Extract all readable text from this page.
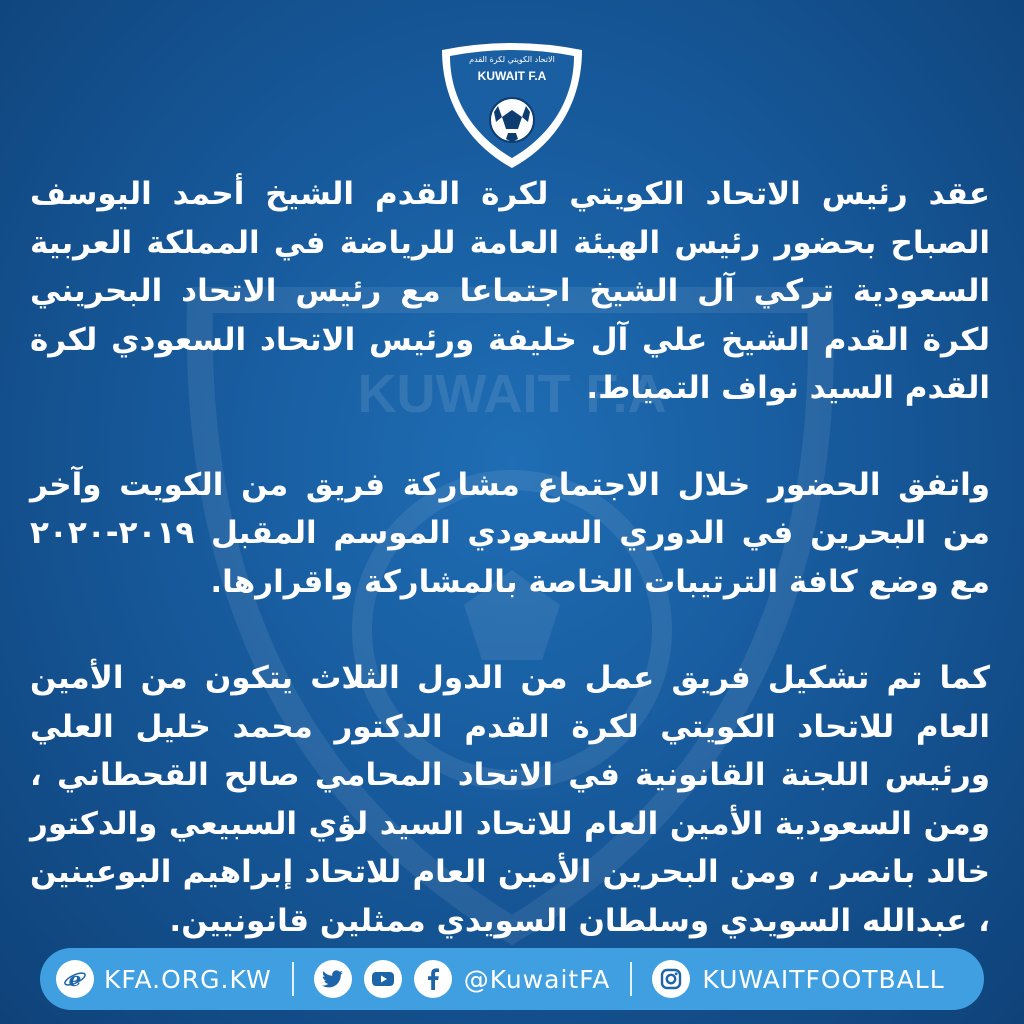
KUWAIT F.A
الاتحاد الكويتي لكرة القدم
KUWAIT F.A

عقد رئيس الاتحاد الكويتي لكرة القدم الشيخ أحمد اليوسف الصباح بحضور رئيس الهيئة العامة للرياضة في المملكة العربية السعودية تركي آل الشيخ اجتماعا مع رئيس الاتحاد البحريني لكرة القدم الشيخ علي آل خليفة ورئيس الاتحاد السعودي لكرة القدم السيد نواف التمياط.

واتفق الحضور خلال الاجتماع مشاركة فريق من الكويت وآخر من البحرين في الدوري السعودي الموسم المقبل ٢٠١٩-٢٠٢٠ مع وضع كافة الترتيبات الخاصة بالمشاركة واقرارها.

كما تم تشكيل فريق عمل من الدول الثلاث يتكون من الأمين العام للاتحاد الكويتي لكرة القدم الدكتور محمد خليل العلي ورئيس اللجنة القانونية في الاتحاد المحامي صالح القحطاني ، ومن السعودية الأمين العام للاتحاد السيد لؤي السبيعي والدكتور خالد بانصر ، ومن البحرين الأمين العام للاتحاد إبراهيم البوعينين ، عبدالله السويدي وسلطان السويدي ممثلين قانونيين.

e KFA.ORG.KW	@KuwaitFA	KUWAITFOOTBALL
